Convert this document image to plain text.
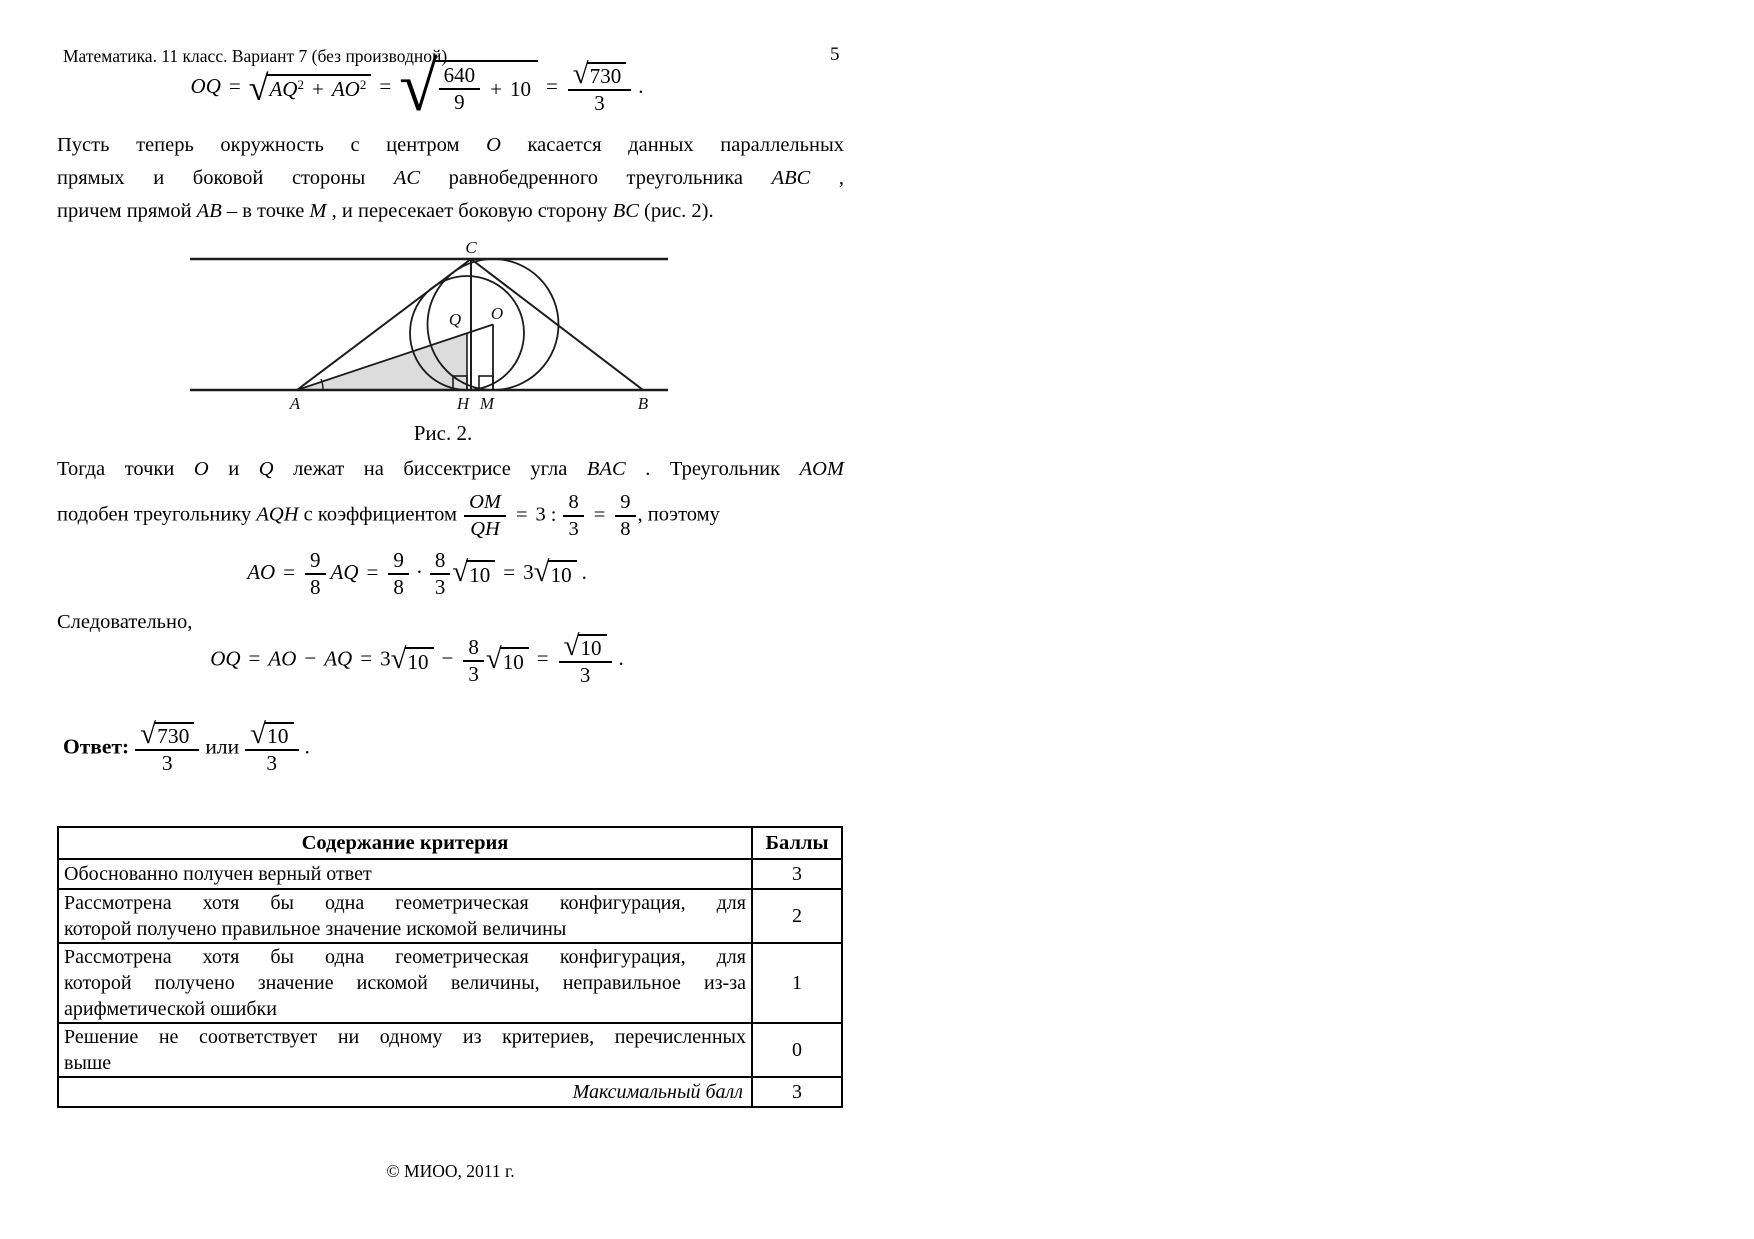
Математика. 11 класс. Вариант 7 (без производной)	5
OQ = √ $AQ^2 + AO^2$ = √ 640
9
+ $10 = \frac{√ 730}{3}$ .
Пусть теперь окружность с центром O касается данных параллельных
прямых и боковой стороны AC равнобедренного треугольника ABC ,
причем прямой AB – в точке M , и пересекает боковую сторону BC (рис. 2).
C
Q O
A	H M	B
Рис. 2.
Тогда точки O и Q лежат на биссектрисе угла BAC . Треугольник AOM
подобен треугольнику AQH с коэффициентом $\frac{OM}{QH} = 3$ : $\frac{8}{3} = \frac{9}{8}$ , поэтому
AO = $\frac{9}{8}$ AQ = $\frac{9}{8} \cdot \frac{8}{3}$ √ 10 = 3 √ 10 .
Следовательно,
OQ = AO − AQ = 3 √ $10 - \frac{8}{3}$ √ $10 = \frac{√ 10}{3}$ .
Ответ: $\frac{√ 730}{3}$ или $\frac{√ 10}{3}$ .
Содержание критерия	Баллы

Обоснованно получен верный ответ	3

Рассмотрена хотя бы одна геометрическая конфигурация, для
которой получено правильное значение искомой величины	2

Рассмотрена хотя бы одна геометрическая конфигурация, для
которой получено значение искомой величины, неправильное из-за
арифметической ошибки	1

Решение не соответствует ни одному из критериев, перечисленных
выше	0
Максимальный балл	3
© МИОО, 2011 г.
